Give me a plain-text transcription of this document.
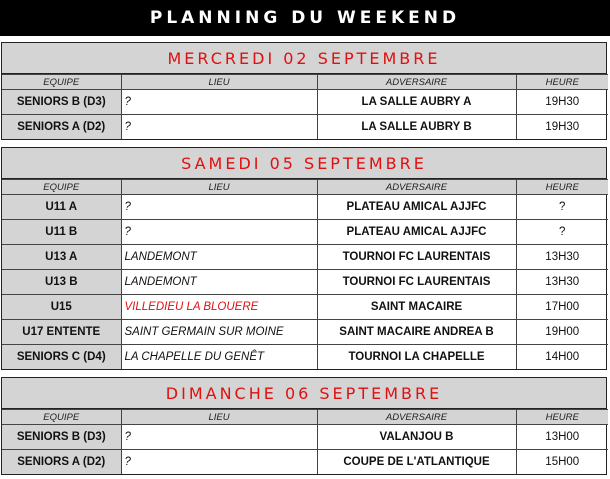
PLANNING DU WEEKEND
MERCREDI 02 SEPTEMBRE
EQUIPE	LIEU	ADVERSAIRE	HEURE
SENIORS B (D3)	?	LA SALLE AUBRY A	19H30
SENIORS A (D2)	?	LA SALLE AUBRY B	19H30
SAMEDI 05 SEPTEMBRE
EQUIPE	LIEU	ADVERSAIRE	HEURE
U11 A	?	PLATEAU AMICAL AJJFC	?
U11 B	?	PLATEAU AMICAL AJJFC	?
U13 A	LANDEMONT	TOURNOI FC LAURENTAIS	13H30
U13 B	LANDEMONT	TOURNOI FC LAURENTAIS	13H30
U15	VILLEDIEU LA BLOUERE	SAINT MACAIRE	17H00
U17 ENTENTE	SAINT GERMAIN SUR MOINE	SAINT MACAIRE ANDREA B	19H00
SENIORS C (D4)	LA CHAPELLE DU GENÊT	TOURNOI LA CHAPELLE	14H00
DIMANCHE 06 SEPTEMBRE
EQUIPE	LIEU	ADVERSAIRE	HEURE
SENIORS B (D3)	?	VALANJOU B	13H00
SENIORS A (D2)	?	COUPE DE L'ATLANTIQUE	15H00
